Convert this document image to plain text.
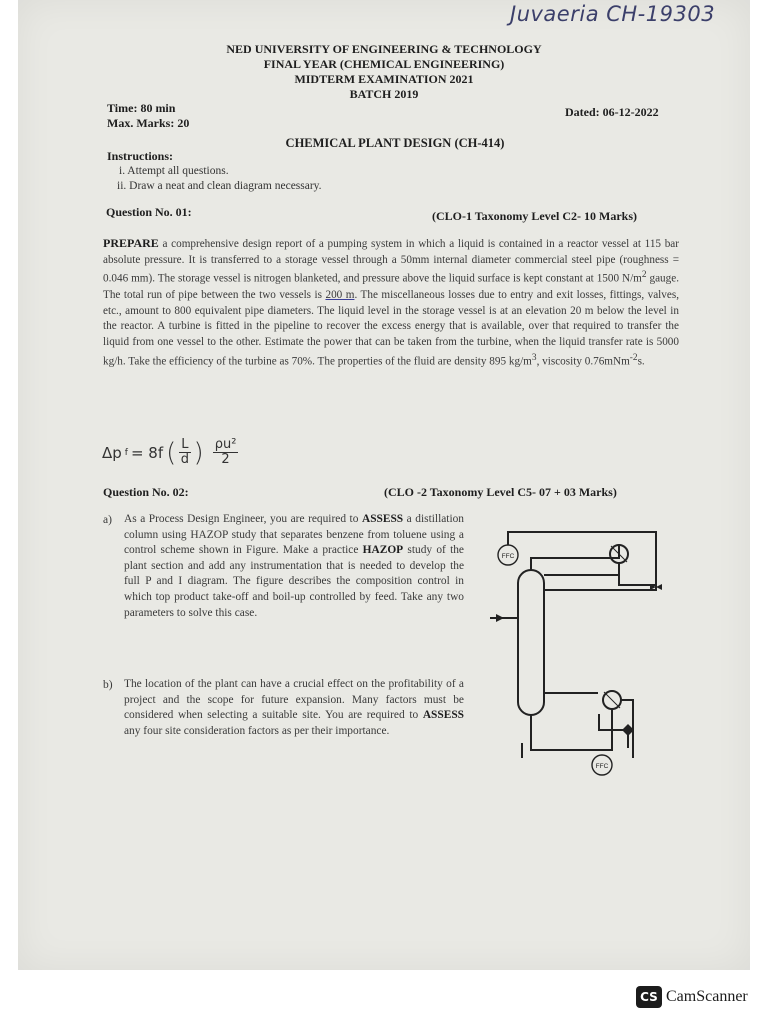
Juvaeria CH-19303
NED UNIVERSITY OF ENGINEERING & TECHNOLOGY
FINAL YEAR (CHEMICAL ENGINEERING)
MIDTERM EXAMINATION 2021
BATCH 2019
Time: 80 min
Max. Marks: 20
Dated: 06-12-2022
CHEMICAL PLANT DESIGN (CH-414)
Instructions:
i. Attempt all questions.
ii. Draw a neat and clean diagram necessary.
Question No. 01:	(CLO-1 Taxonomy Level C2- 10 Marks)
PREPARE a comprehensive design report of a pumping system in which a liquid is contained in a reactor vessel at 115 bar absolute pressure. It is transferred to a storage vessel through a 50mm internal diameter commercial steel pipe (roughness = 0.046 mm). The storage vessel is nitrogen blanketed, and pressure above the liquid surface is kept constant at 1500 $N/m^2$ gauge. The total run of pipe between the two vessels is 200 m. The miscellaneous losses due to entry and exit losses, fittings, valves, etc., amount to 800 equivalent pipe diameters. The liquid level in the storage vessel is at an elevation 20 m below the level in the reactor. A turbine is fitted in the pipeline to recover the excess energy that is available, over that required to transfer the liquid from one vessel to the other. Estimate the power that can be taken from the turbine, when the liquid transfer rate is 5000 kg/h. Take the efficiency of the turbine as 70%. The properties of the fluid are density 895 $kg/m^3$, viscosity 0.76mNm$^{-2}$s.
Δp f = 8f ( $\frac{L}{d}$ ) $\frac{\text{ρu²}}{2}$
Question No. 02:	(CLO -2 Taxonomy Level C5- 07 + 03 Marks)
a) As a Process Design Engineer, you are required to ASSESS a distillation column using HAZOP study that separates benzene from toluene using a control scheme shown in Figure. Make a practice HAZOP study of the plant section and add any instrumentation that is needed to develop the full P and I diagram. The figure describes the composition control in which top product take-off and boil-up controlled by feed. Take any two parameters to solve this case.
b) The location of the plant can have a crucial effect on the profitability of a project and the scope for future expansion. Many factors must be considered when selecting a suitable site. You are required to ASSESS any four site consideration factors as per their importance.
FFC
FFC
CS CamScanner
